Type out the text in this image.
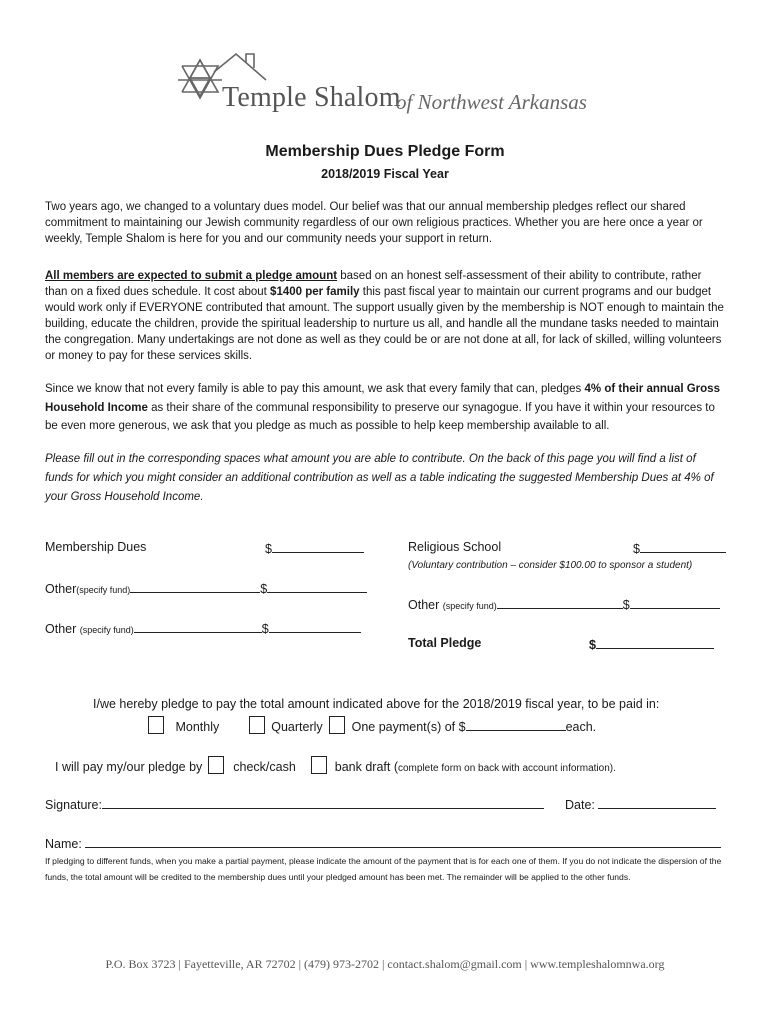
Temple Shalom
of Northwest Arkansas
Membership Dues Pledge Form
2018/2019 Fiscal Year

Two years ago, we changed to a voluntary dues model. Our belief was that our annual membership pledges reflect our shared commitment to maintaining our Jewish community regardless of our own religious practices. Whether you are here once a year or weekly, Temple Shalom is here for you and our community needs your support in return.

All members are expected to submit a pledge amount based on an honest self-assessment of their ability to contribute, rather than on a fixed dues schedule. It cost about $1400 per family this past fiscal year to maintain our current programs and our budget would work only if EVERYONE contributed that amount. The support usually given by the membership is NOT enough to maintain the building, educate the children, provide the spiritual leadership to nurture us all, and handle all the mundane tasks needed to maintain the congregation. Many undertakings are not done as well as they could be or are not done at all, for lack of skilled, willing volunteers or money to pay for these services skills.

Since we know that not every family is able to pay this amount, we ask that every family that can, pledges 4% of their annual Gross Household Income as their share of the communal responsibility to preserve our synagogue. If you have it within your resources to be even more generous, we ask that you pledge as much as possible to help keep membership available to all.

Please fill out in the corresponding spaces what amount you are able to contribute. On the back of this page you will find a list of funds for which you might consider an additional contribution as well as a table indicating the suggested Membership Dues at 4% of your Gross Household Income.

Membership Dues	$
Other(specify fund)	$
Other (specify fund)	$
Religious School	$
(Voluntary contribution – consider $100.00 to sponsor a student)
Other (specify fund)	$
Total Pledge	$
I/we hereby pledge to pay the total amount indicated above for the 2018/2019 fiscal year, to be paid in:
Monthly	Quarterly One payment(s) of $	each.
I will pay my/our pledge by check/cash	bank draft (complete form on back with account information).
Signature:	Date:
Name:

If pledging to different funds, when you make a partial payment, please indicate the amount of the payment that is for each one of them. If you do not indicate the dispersion of the funds, the total amount will be credited to the membership dues until your pledged amount has been met. The remainder will be applied to the other funds.

P.O. Box 3723 | Fayetteville, AR 72702 | (479) 973-2702 | contact.shalom@gmail.com | www.templeshalomnwa.org
